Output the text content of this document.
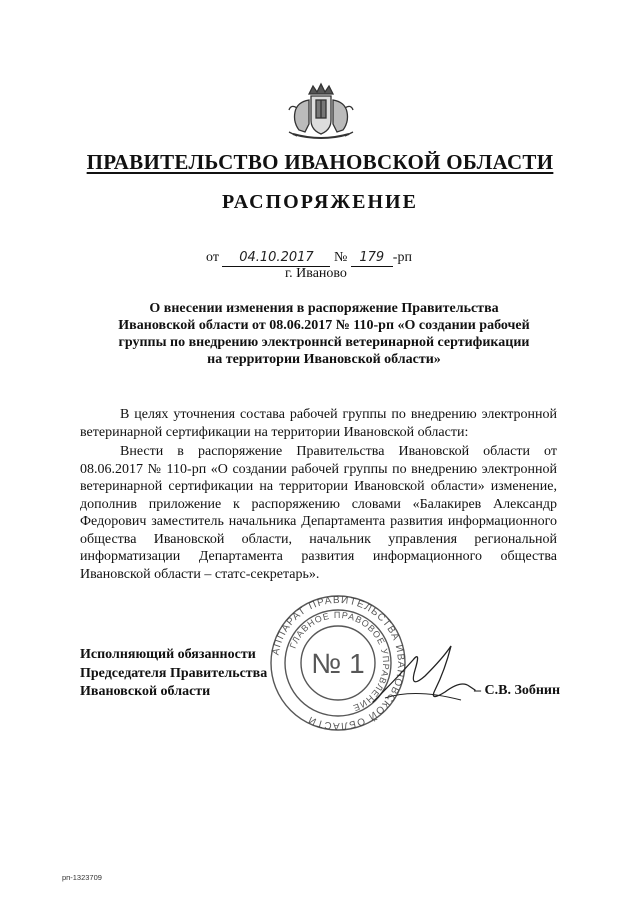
ПРАВИТЕЛЬСТВО ИВАНОВСКОЙ ОБЛАСТИ
РАСПОРЯЖЕНИЕ
от 04.10.2017 № 179 -рп
г. Иваново
О внесении изменения в распоряжение Правительства
Ивановской области от 08.06.2017 № 110-рп «О создании рабочей
группы по внедрению электроннсй ветеринарной сертификации
на территории Ивановской области»

В целях уточнения состава рабочей группы по внедрению электронной ветеринарной сертификации на территории Ивановской области:

Внести в распоряжение Правительства Ивановской области от 08.06.2017 № 110-рп «О создании рабочей группы по внедрению электронной ветеринарной сертификации на территории Ивановской области» изменение, дополнив приложение к распоряжению словами «Балакирев Александр Федорович заместитель начальника Департамента развития информационного общества Ивановской области, начальник управления региональной информатизации Департамента развития информационного общества Ивановской области – статс-секретарь».

АППАРАТ ПРАВИТЕЛЬСТВА ИВАНОВСКОЙ ОБЛАСТИ
ГЛАВНОЕ ПРАВОВОЕ УПРАВЛЕНИЕ
№ 1
Исполняющий обязанности
Председателя Правительства
Ивановской области	– С.В. Зобнин
рп-1323709
